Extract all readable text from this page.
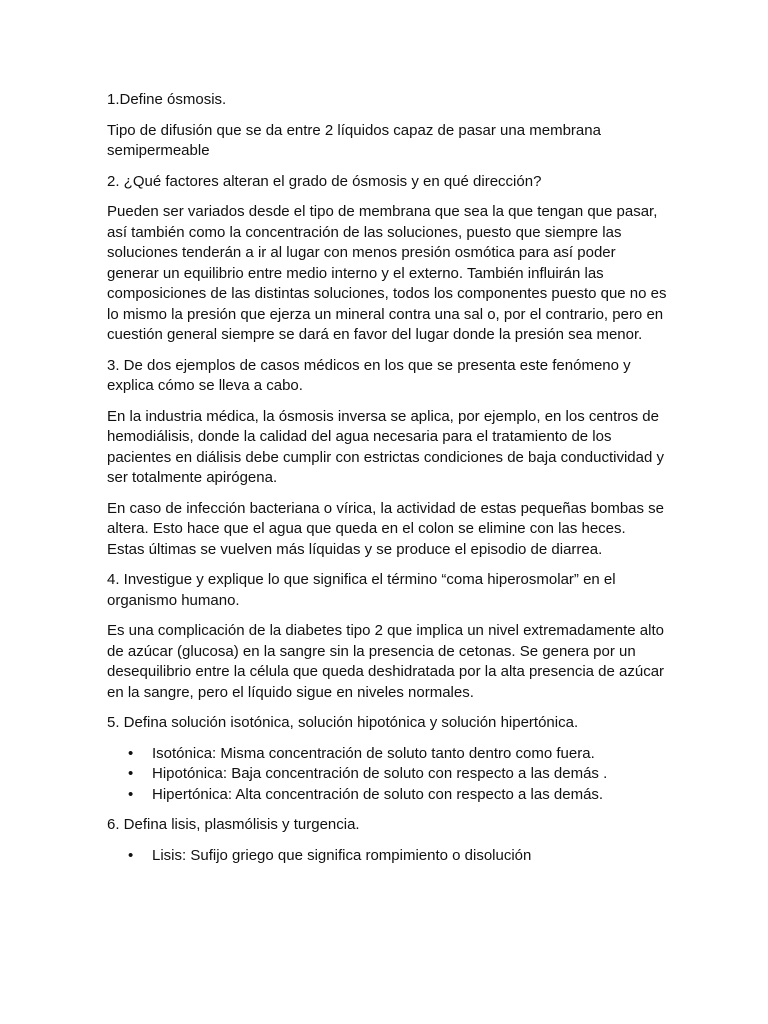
1.Define ósmosis.

Tipo de difusión que se da entre 2 líquidos capaz de pasar una membrana semipermeable

2. ¿Qué factores alteran el grado de ósmosis y en qué dirección?

Pueden ser variados desde el tipo de membrana que sea la que tengan que pasar, así también como la concentración de las soluciones, puesto que siempre las soluciones tenderán a ir al lugar con menos presión osmótica para así poder generar un equilibrio entre medio interno y el externo. También influirán las composiciones de las distintas soluciones, todos los componentes puesto que no es lo mismo la presión que ejerza un mineral contra una sal o, por el contrario, pero en cuestión general siempre se dará en favor del lugar donde la presión sea menor.

3. De dos ejemplos de casos médicos en los que se presenta este fenómeno y explica cómo se lleva a cabo.

En la industria médica, la ósmosis inversa se aplica, por ejemplo, en los centros de hemodiálisis, donde la calidad del agua necesaria para el tratamiento de los pacientes en diálisis debe cumplir con estrictas condiciones de baja conductividad y ser totalmente apirógena.

En caso de infección bacteriana o vírica, la actividad de estas pequeñas bombas se altera. Esto hace que el agua que queda en el colon se elimine con las heces. Estas últimas se vuelven más líquidas y se produce el episodio de diarrea.

4. Investigue y explique lo que significa el término “coma hiperosmolar” en el organismo humano.

Es una complicación de la diabetes tipo 2 que implica un nivel extremadamente alto de azúcar (glucosa) en la sangre sin la presencia de cetonas. Se genera por un desequilibrio entre la célula que queda deshidratada por la alta presencia de azúcar en la sangre, pero el líquido sigue en niveles normales.

5. Defina solución isotónica, solución hipotónica y solución hipertónica.

• Isotónica: Misma concentración de soluto tanto dentro como fuera.
• Hipotónica: Baja concentración de soluto con respecto a las demás .
• Hipertónica: Alta concentración de soluto con respecto a las demás.

6. Defina lisis, plasmólisis y turgencia.

• Lisis: Sufijo griego que significa rompimiento o disolución
